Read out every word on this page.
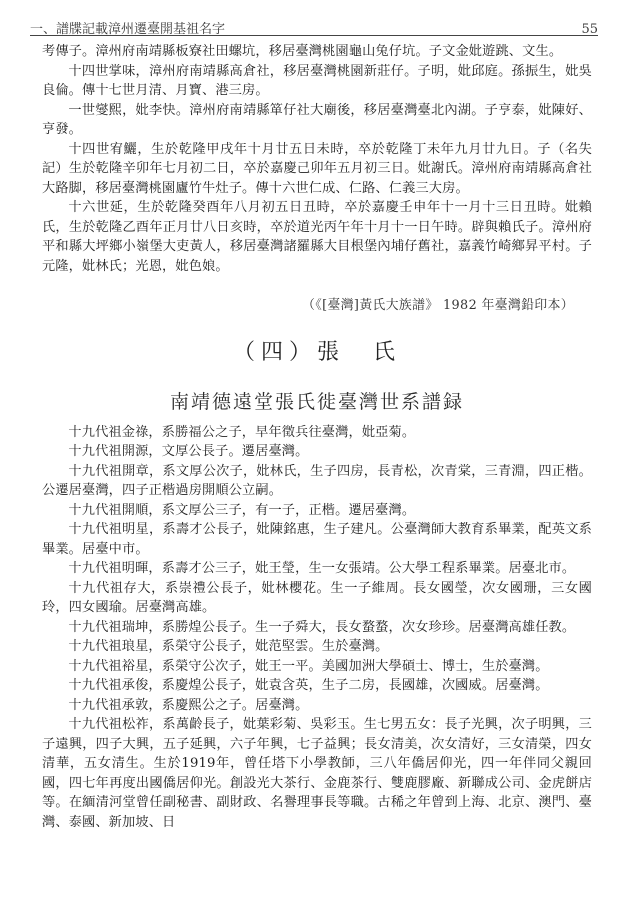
一、譜牒記載漳州遷臺開基祖名字	55

考傳子。漳州府南靖縣板寮社田螺坑，移居臺灣桃園龜山兔仔坑。子文金妣遊跳、文生。

十四世掌味，漳州府南靖縣高倉社，移居臺灣桃園新莊仔。子明，妣邱庭。孫振生，妣吳良倫。傳十七世月清、月寶、港三房。

一世燮熙，妣李快。漳州府南靖縣箪仔社大廟後，移居臺灣臺北內湖。子亨泰，妣陳好、亨發。

十四世宥鱺，生於乾隆甲戌年十月廿五日未時，卒於乾隆丁未年九月廿九日。子（名失記）生於乾隆辛卯年七月初二日，卒於嘉慶己卯年五月初三日。妣謝氏。漳州府南靖縣高倉社大路脚，移居臺灣桃園廬竹牛灶子。傳十六世仁成、仁路、仁義三大房。

十六世延，生於乾隆癸酉年八月初五日丑時，卒於嘉慶壬申年十一月十三日丑時。妣賴氏，生於乾隆乙酉年正月廿八日亥時，卒於道光丙午年十月十一日午時。辟與賴氏子。漳州府平和縣大坪鄉小嶺堡大吏黃人，移居臺灣諸羅縣大目根堡內埔仔舊社，嘉義竹崎鄉昇平村。子元隆，妣林氏；光恩，妣色娘。

（《[臺灣]黃氏大族譜》 1982 年臺灣鉛印本）
（四）張　氏
南靖德遠堂張氏徙臺灣世系譜録

十九代祖金祿，系勝福公之子，早年徵兵往臺灣，妣亞菊。

十九代祖開源，文厚公長子。遷居臺灣。

十九代祖開章，系文厚公次子，妣林氏，生子四房，長青松，次青棠，三青淵，四正楷。公遷居臺灣，四子正楷過房開順公立嗣。

十九代祖開順，系文厚公三子，有一子，正楷。遷居臺灣。

十九代祖明星，系壽才公長子，妣陳銘惠，生子建凡。公臺灣師大教育系畢業，配英文系畢業。居臺中市。

十九代祖明暉，系壽才公三子，妣王瑩，生一女張靖。公大學工程系畢業。居臺北市。

十九代祖存大，系崇禮公長子，妣林櫻花。生一子維周。長女國瑩，次女國珊，三女國玲，四女國瑜。居臺灣高雄。

十九代祖瑞坤，系勝煌公長子。生一子舜大，長女蝥蝥，次女珍珍。居臺灣高雄任教。

十九代祖琅星，系榮守公長子，妣范堅雲。生於臺灣。

十九代祖裕星，系榮守公次子，妣王一平。美國加洲大學碩士、博士，生於臺灣。

十九代祖承俊，系慶煌公長子，妣袁含英，生子二房，長國雄，次國威。居臺灣。

十九代祖承敦，系慶熙公之子。居臺灣。

十九代祖松祚，系萬齡長子，妣葉彩菊、吳彩玉。生七男五女：長子光興，次子明興，三子遠興，四子大興，五子延興，六子年興，七子益興；長女清美，次女清好，三女清榮，四女清華，五女清生。生於1919年，曾任塔下小學教師，三八年僑居仰光，四一年伴同父親回國，四七年再度出國僑居仰光。創設光大茶行、金鹿茶行、雙鹿膠廠、新聯成公司、金虎餅店等。在緬清河堂曾任副秘書、副財政、名譽理事長等職。古稀之年曾到上海、北京、澳門、臺灣、泰國、新加坡、日
